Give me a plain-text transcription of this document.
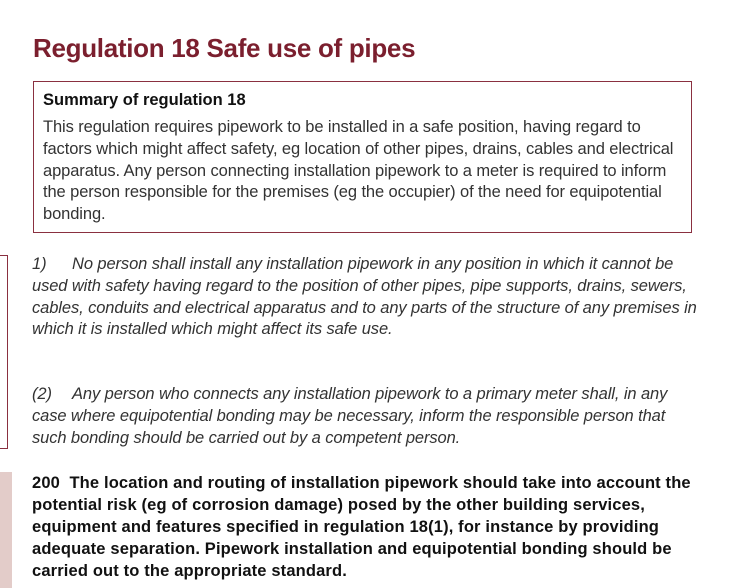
Regulation 18 Safe use of pipes

Summary of regulation 18

This regulation requires pipework to be installed in a safe position, having regard to factors which might affect safety, eg location of other pipes, drains, cables and electrical apparatus. Any person connecting installation pipework to a meter is required to inform the person responsible for the premises (eg the occupier) of the need for equipotential bonding.

1) No person shall install any installation pipework in any position in which it cannot be used with safety having regard to the position of other pipes, pipe supports, drains, sewers, cables, conduits and electrical apparatus and to any parts of the structure of any premises in which it is installed which might affect its safe use.

(2) Any person who connects any installation pipework to a primary meter shall, in any case where equipotential bonding may be necessary, inform the responsible person that such bonding should be carried out by a competent person.

200 The location and routing of installation pipework should take into account the potential risk (eg of corrosion damage) posed by the other building services, equipment and features specified in regulation 18(1), for instance by providing adequate separation. Pipework installation and equipotential bonding should be carried out to the appropriate standard.
